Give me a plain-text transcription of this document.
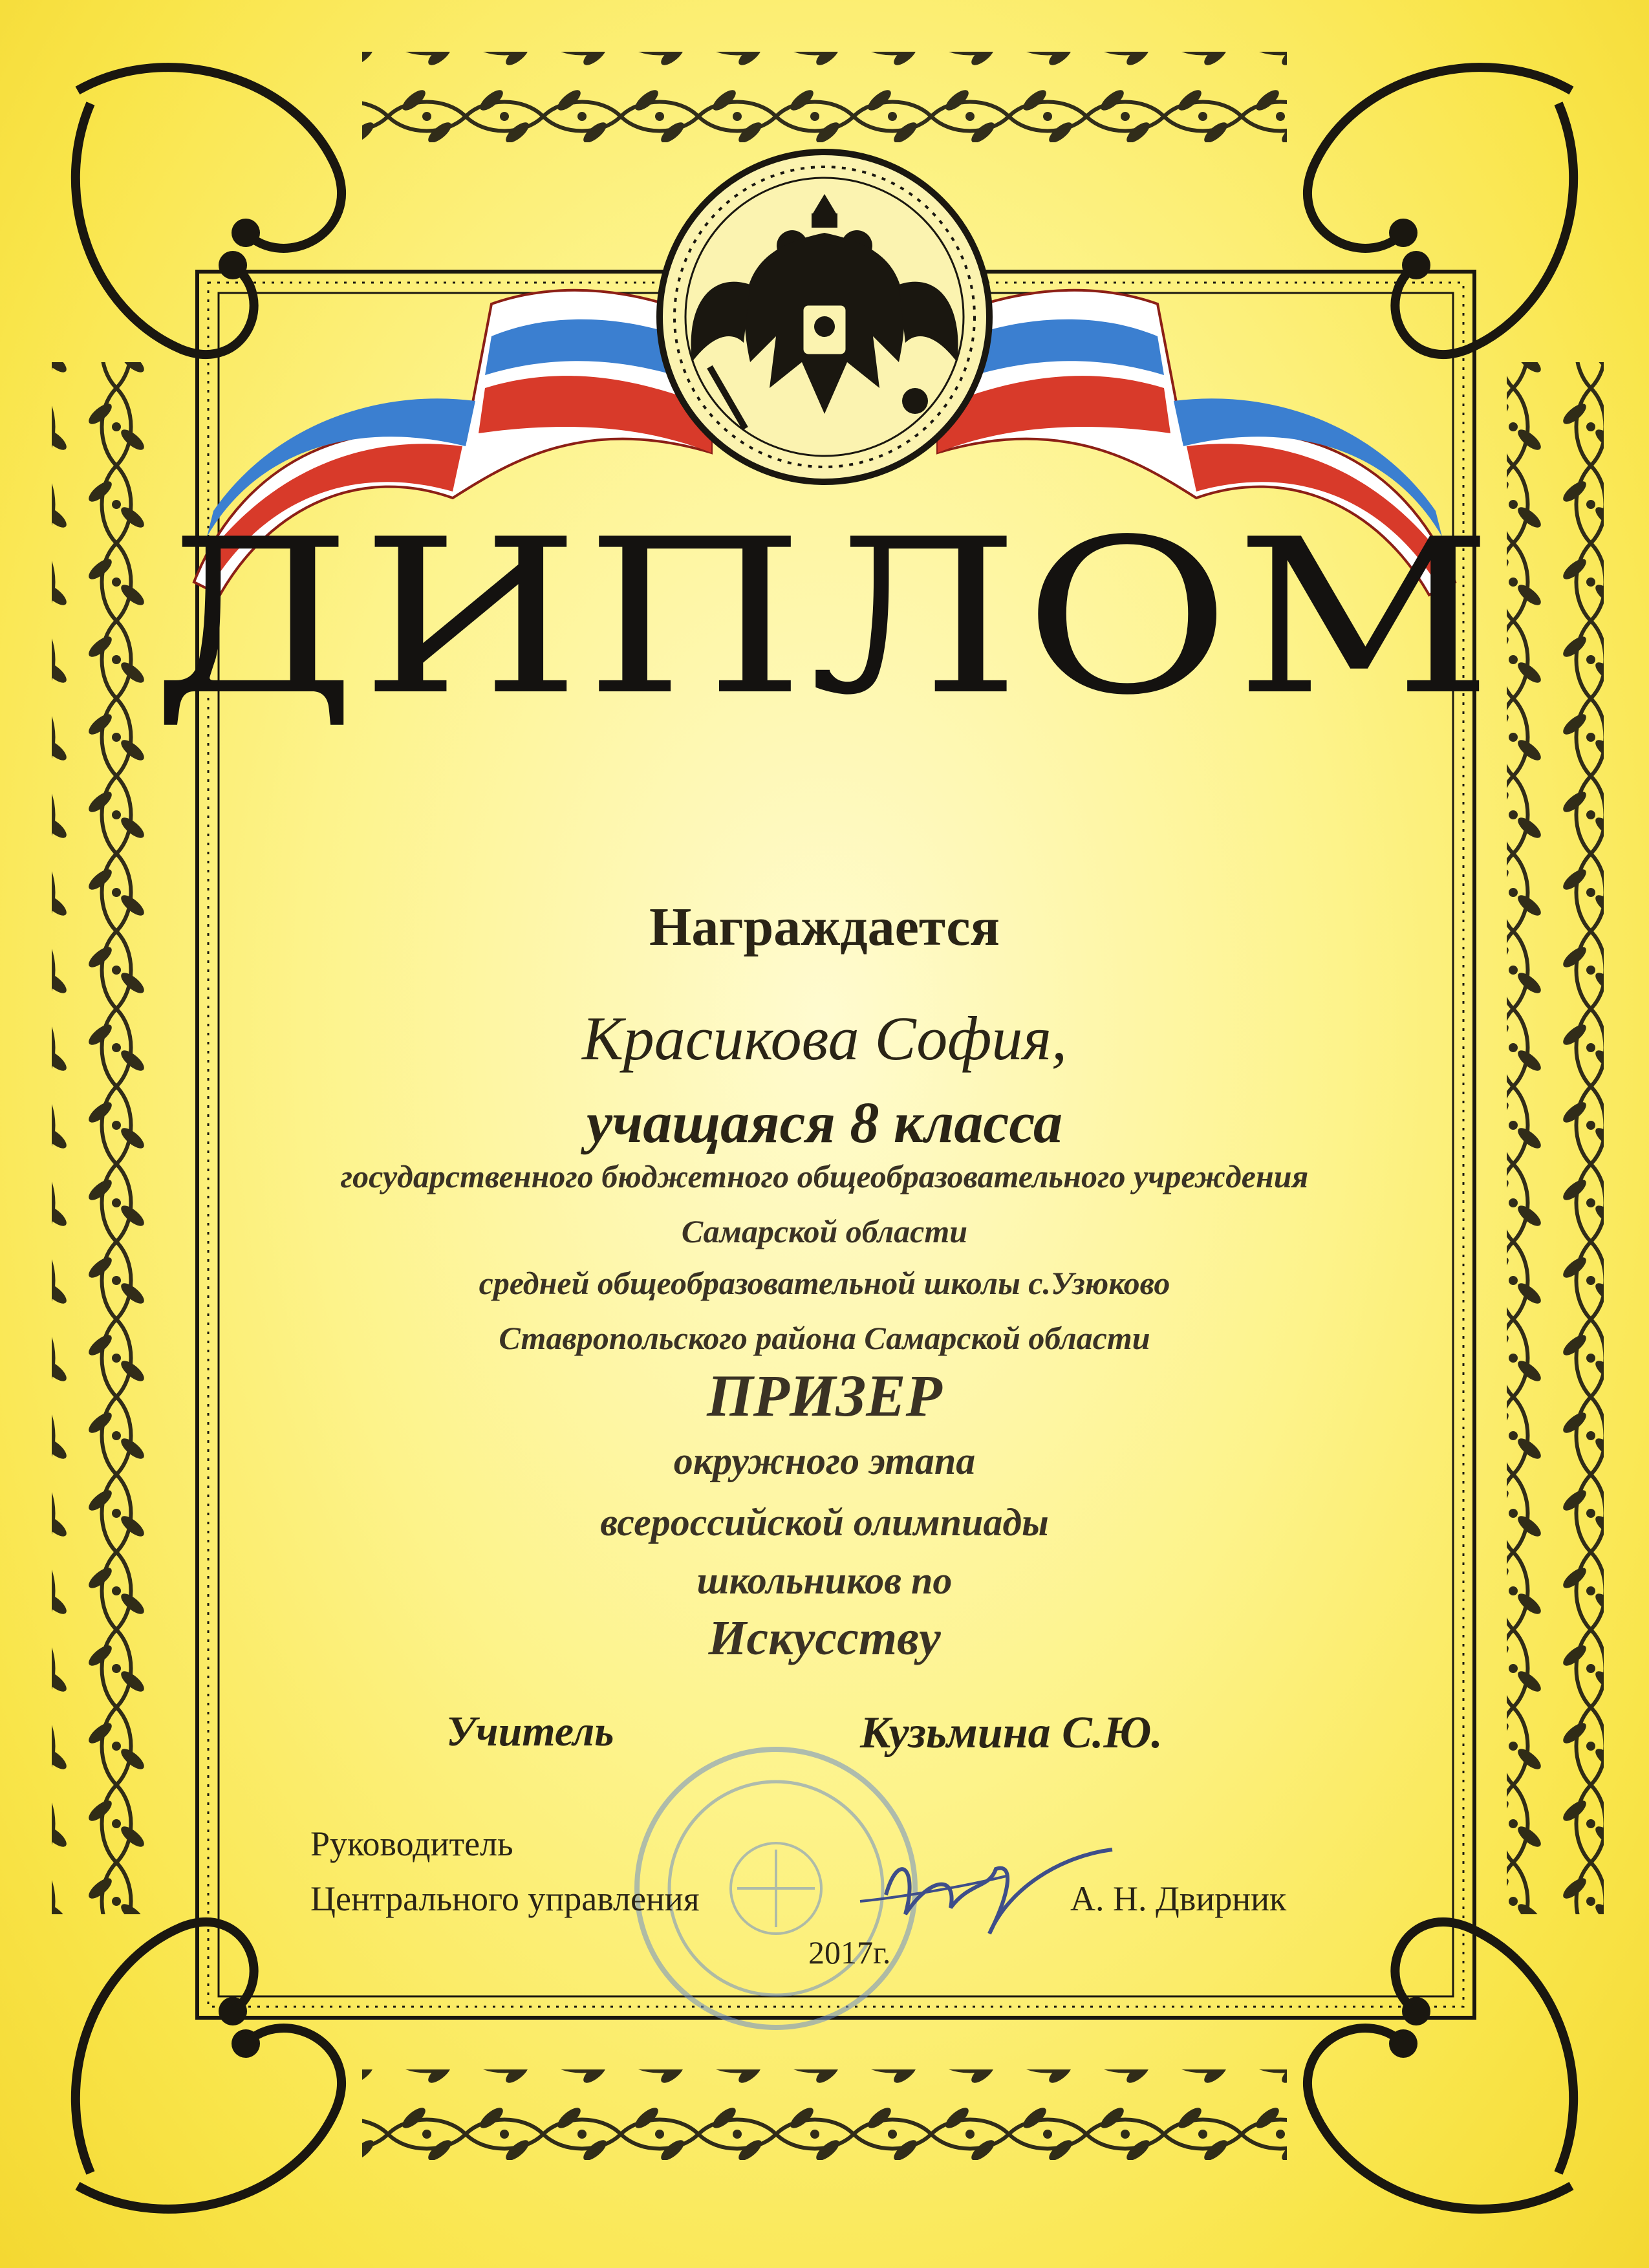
ДИПЛОМ
Награждается
Красикова София,
учащаяся 8 класса
государственного бюджетного общеобразовательного учреждения
Самарской области
средней общеобразовательной школы с.Узюково
Ставропольского района Самарской области
ПРИЗЕР
окружного этапа
всероссийской олимпиады
школьников по
Искусству
Учитель	Кузьмина С.Ю.
Руководитель
Центрального управления	А. Н. Двирник
2017г.
